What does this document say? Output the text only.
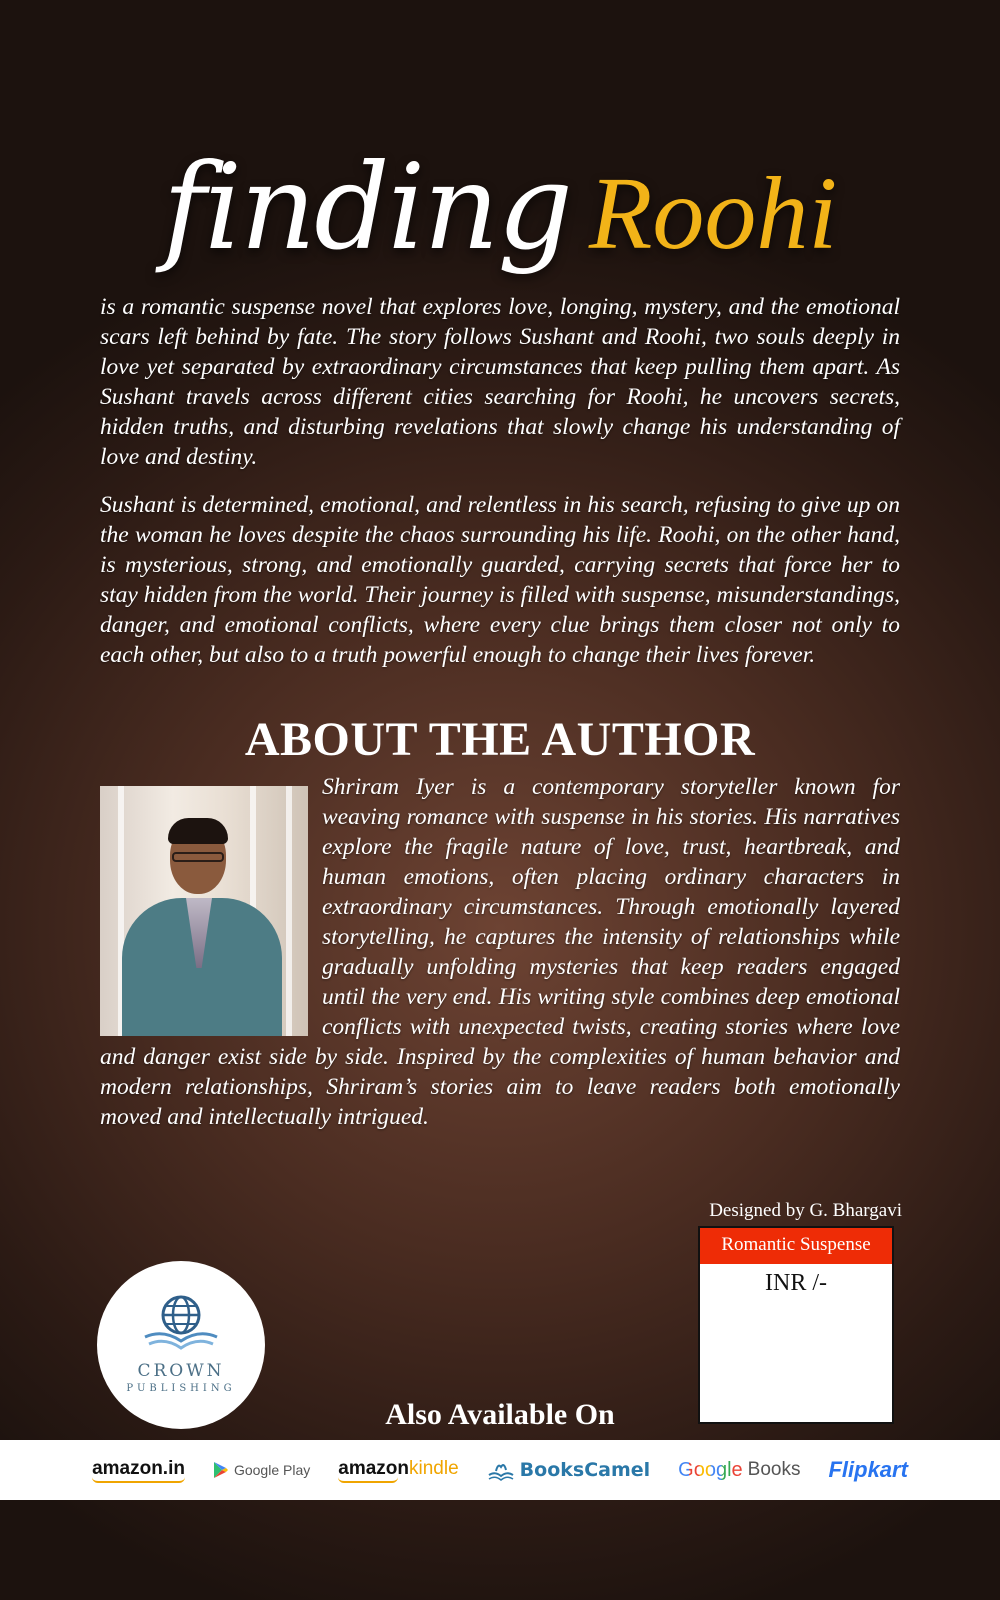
finding Roohi

is a romantic suspense novel that explores love, longing, mystery, and the emotional scars left behind by fate. The story follows Sushant and Roohi, two souls deeply in love yet separated by extraordinary circumstances that keep pulling them apart. As Sushant travels across different cities searching for Roohi, he uncovers secrets, hidden truths, and disturbing revelations that slowly change his understanding of love and destiny.

Sushant is determined, emotional, and relentless in his search, refusing to give up on the woman he loves despite the chaos surrounding his life. Roohi, on the other hand, is mysterious, strong, and emotionally guarded, carrying secrets that force her to stay hidden from the world. Their journey is filled with suspense, misunderstandings, danger, and emotional conflicts, where every clue brings them closer not only to each other, but also to a truth powerful enough to change their lives forever.

ABOUT THE AUTHOR
Shriram Iyer is a contemporary storyteller known for weaving romance with suspense in his stories. His narratives explore the fragile nature of love, trust, heartbreak, and human emotions, often placing ordinary characters in extraordinary circumstances. Through emotionally layered storytelling, he captures the intensity of relationships while gradually unfolding mysteries that keep readers engaged until the very end. His writing style combines deep emotional conflicts with unexpected twists, creating stories where love and danger exist side by side. Inspired by the complexities of human behavior and modern relationships, Shriram’s stories aim to leave readers both emotionally moved and intellectually intrigued.
Designed by G. Bhargavi
Romantic Suspense
INR /-
CROWN
PUBLISHING
Also Available On
amazon.in	Google Play amazonkindle	BooksCamel Google Books Flipkart
